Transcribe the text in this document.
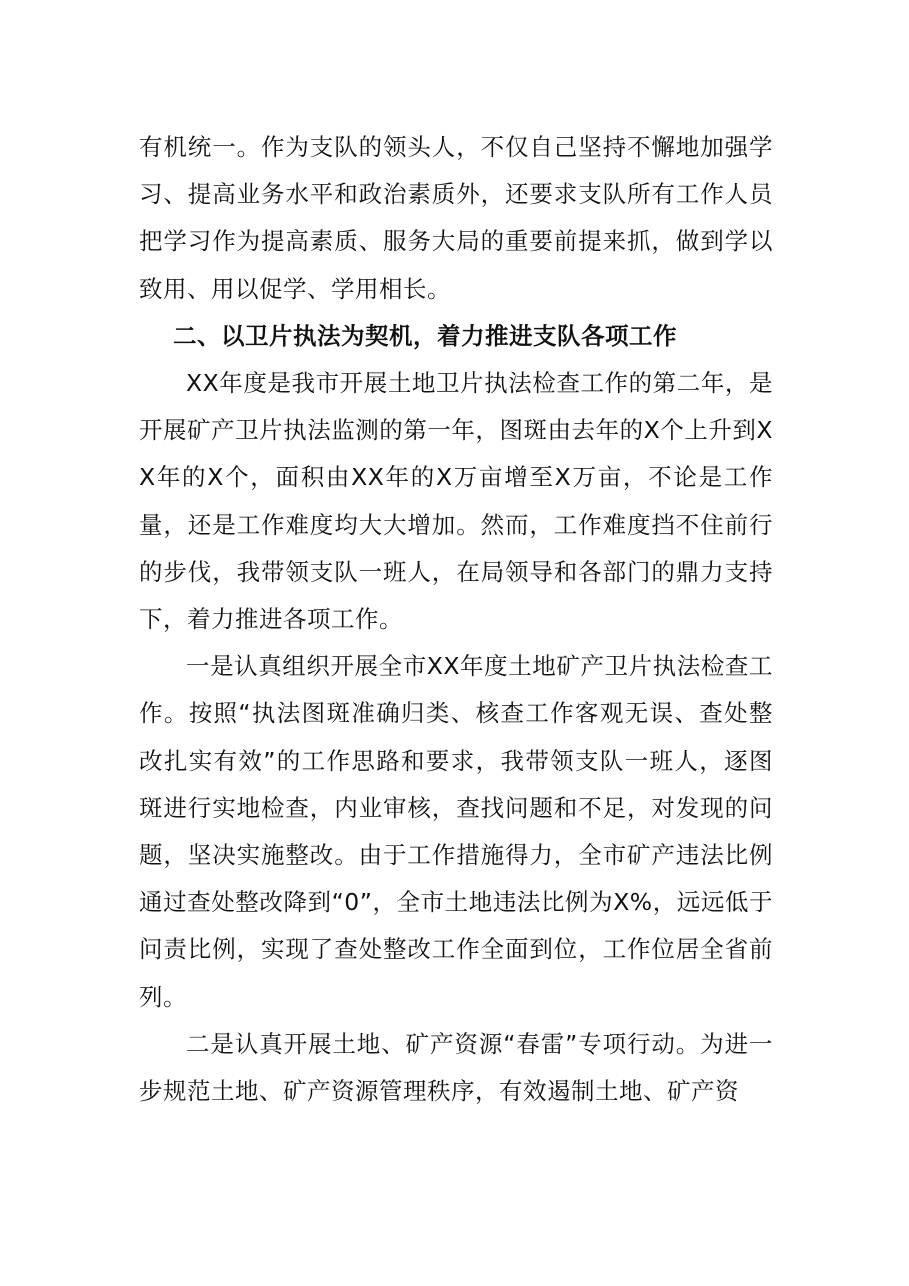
有机统一。作为支队的领头人，不仅自己坚持不懈地加强学习、提高业务水平和政治素质外，还要求支队所有工作人员把学习作为提高素质、服务大局的重要前提来抓，做到学以致用、用以促学、学用相长。

二、以卫片执法为契机，着力推进支队各项工作

XX年度是我市开展土地卫片执法检查工作的第二年，是开展矿产卫片执法监测的第一年，图斑由去年的X个上升到XX年的X个，面积由XX年的X万亩增至X万亩，不论是工作量，还是工作难度均大大增加。然而，工作难度挡不住前行的步伐，我带领支队一班人，在局领导和各部门的鼎力支持下，着力推进各项工作。

一是认真组织开展全市XX年度土地矿产卫片执法检查工作。按照“执法图斑准确归类、核查工作客观无误、查处整改扎实有效”的工作思路和要求，我带领支队一班人，逐图斑进行实地检查，内业审核，查找问题和不足，对发现的问题，坚决实施整改。由于工作措施得力，全市矿产违法比例通过查处整改降到“0”，全市土地违法比例为X%，远远低于问责比例，实现了查处整改工作全面到位，工作位居全省前列。

二是认真开展土地、矿产资源“春雷”专项行动。为进一步规范土地、矿产资源管理秩序，有效遏制土地、矿产资
